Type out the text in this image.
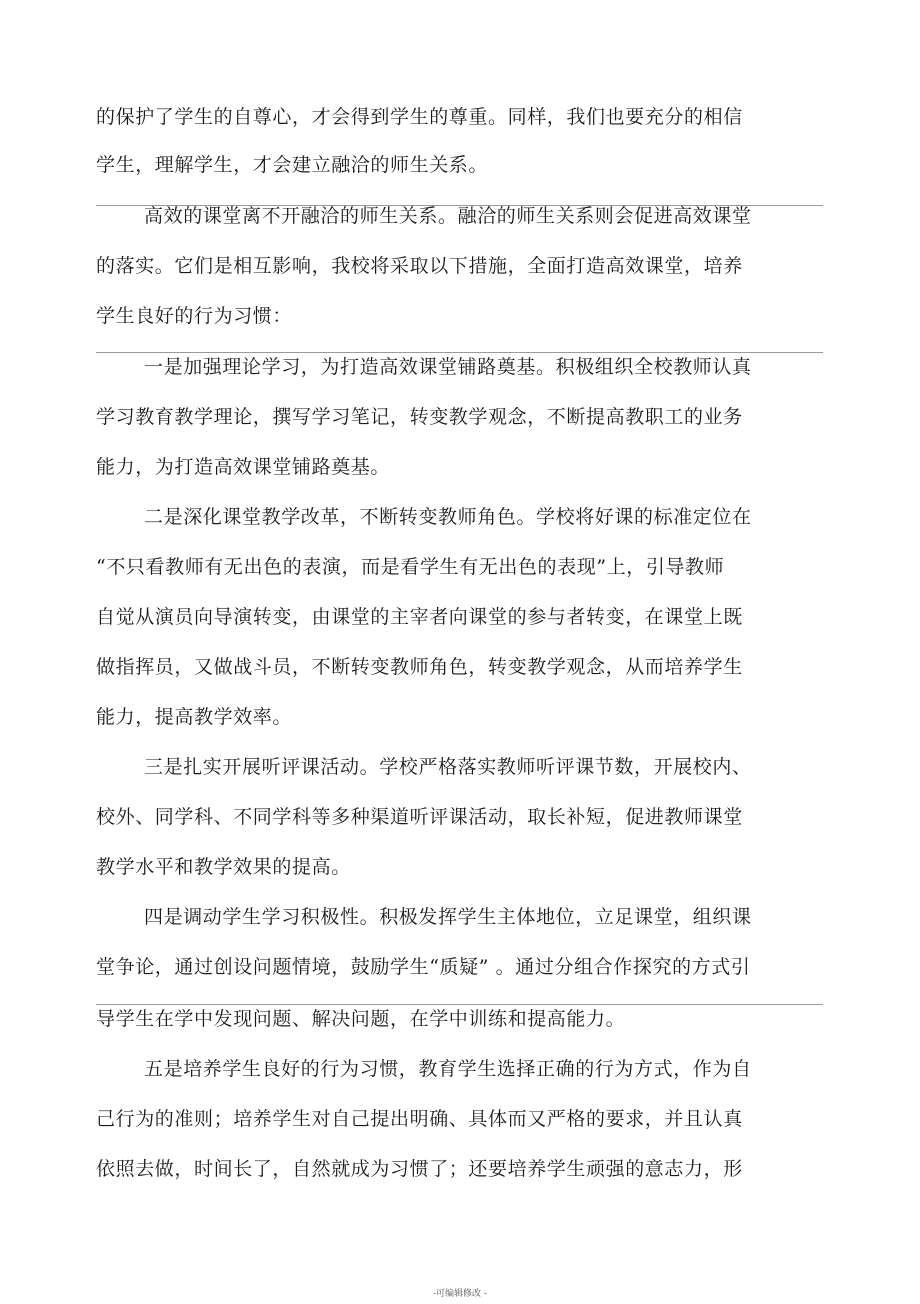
的保护了学生的自尊心，才会得到学生的尊重。同样，我们也要充分的相信
学生，理解学生，才会建立融洽的师生关系。
高效的课堂离不开融洽的师生关系。融洽的师生关系则会促进高效课堂
的落实。它们是相互影响，我校将采取以下措施，全面打造高效课堂，培养
学生良好的行为习惯：
一是加强理论学习，为打造高效课堂铺路奠基。积极组织全校教师认真
学习教育教学理论，撰写学习笔记，转变教学观念，不断提高教职工的业务
能力，为打造高效课堂铺路奠基。
二是深化课堂教学改革，不断转变教师角色。学校将好课的标准定位在
“不只看教师有无出色的表演，而是看学生有无出色的表现”上，引导教师
自觉从演员向导演转变，由课堂的主宰者向课堂的参与者转变，在课堂上既
做指挥员，又做战斗员，不断转变教师角色，转变教学观念，从而培养学生
能力，提高教学效率。
三是扎实开展听评课活动。学校严格落实教师听评课节数，开展校内、
校外、同学科、不同学科等多种渠道听评课活动，取长补短，促进教师课堂
教学水平和教学效果的提高。
四是调动学生学习积极性。积极发挥学生主体地位，立足课堂，组织课
堂争论，通过创设问题情境，鼓励学生“质疑” 。通过分组合作探究的方式引
导学生在学中发现问题、解决问题，在学中训练和提高能力。
五是培养学生良好的行为习惯，教育学生选择正确的行为方式，作为自
己行为的准则；培养学生对自己提出明确、具体而又严格的要求，并且认真
依照去做，时间长了，自然就成为习惯了；还要培养学生顽强的意志力，形
-可编辑修改 -
